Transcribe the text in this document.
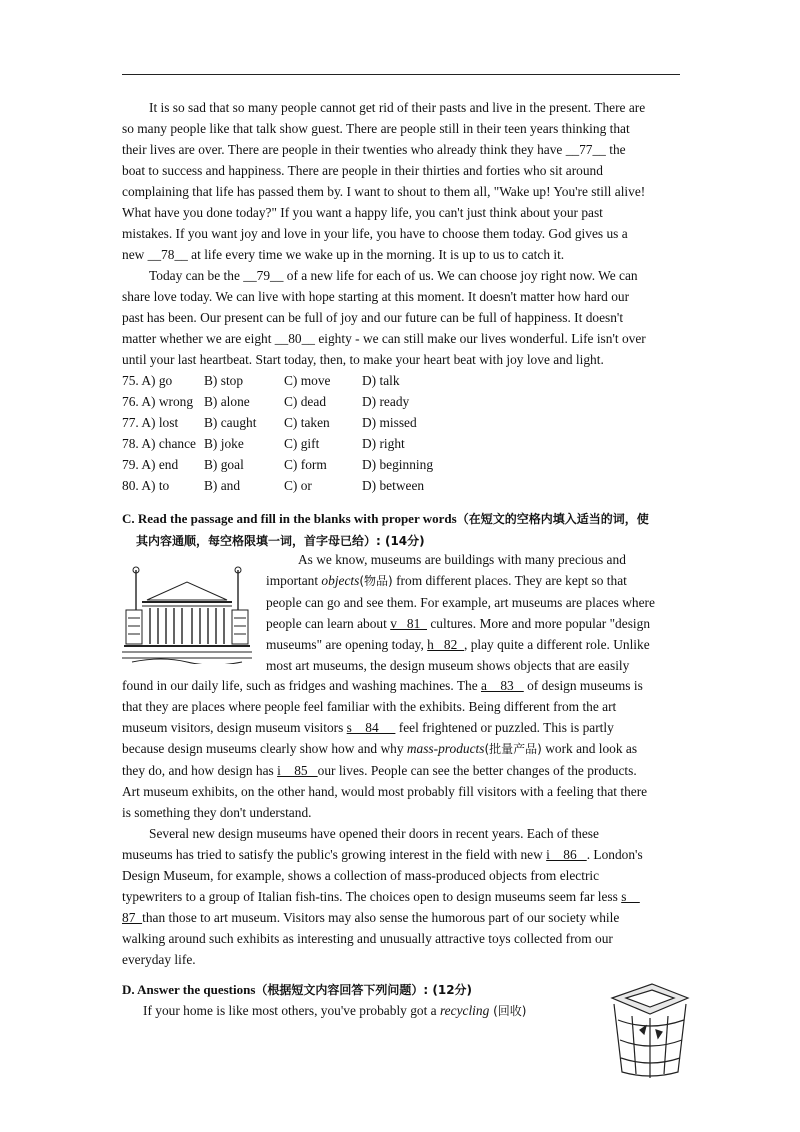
It is so sad that so many people cannot get rid of their pasts and live in the present. There are
so many people like that talk show guest. There are people still in their teen years thinking that
their lives are over. There are people in their twenties who already think they have __77__ the
boat to success and happiness. There are people in their thirties and forties who sit around
complaining that life has passed them by. I want to shout to them all, "Wake up! You're still alive!
What have you done today?" If you want a happy life, you can't just think about your past
mistakes. If you want joy and love in your life, you have to choose them today. God gives us a
new __78__ at life every time we wake up in the morning. It is up to us to catch it.
Today can be the __79__ of a new life for each of us. We can choose joy right now. We can
share love today. We can live with hope starting at this moment. It doesn't matter how hard our
past has been. Our present can be full of joy and our future can be full of happiness. It doesn't
matter whether we are eight __80__ eighty - we can still make our lives wonderful. Life isn't over
until your last heartbeat. Start today, then, to make your heart beat with joy love and light.
75. A) go	B) stop	C) move	D) talk
76. A) wrong B) alone	C) dead	D) ready
77. A) lost	B) caught	C) taken	D) missed
78. A) chance B) joke	C) gift	D) right
79. A) end	B) goal	C) form	D) beginning
80. A) to	B) and	C) or	D) between
C. Read the passage and fill in the blanks with proper words（在短文的空格内填入适当的词，使
其内容通顺，每空格限填一词，首字母已给）: (14分)
As we know, museums are buildings with many precious and
important objects(物品) from different places. They are kept so that
people can go and see them. For example, art museums are places where
people can learn about v   81   cultures. More and more popular "design
museums" are opening today, h   82  , play quite a different role. Unlike
most art museums, the design museum shows objects that are easily
found in our daily life, such as fridges and washing machines. The a    83    of design museums is
that they are places where people feel familiar with the exhibits. Being different from the art
museum visitors, design museum visitors s    84      feel frightened or puzzled. This is partly
because design museums clearly show how and why mass-products(批量产品) work and look as
they do, and how design has i    85   our lives. People can see the better changes of the products.
Art museum exhibits, on the other hand, would most probably fill visitors with a feeling that there
is something they don't understand.
Several new design museums have opened their doors in recent years. Each of these
museums has tried to satisfy the public's growing interest in the field with new i    86   . London's
Design Museum, for example, shows a collection of mass-produced objects from electric
typewriters to a group of Italian fish-tins. The choices open to design museums seem far less s
87  than those to art museum. Visitors may also sense the humorous part of our society while
walking around such exhibits as interesting and unusually attractive toys collected from our
everyday life.
D. Answer the questions（根据短文内容回答下列问题）: (12分)
If your home is like most others, you've probably got a recycling (回收)
